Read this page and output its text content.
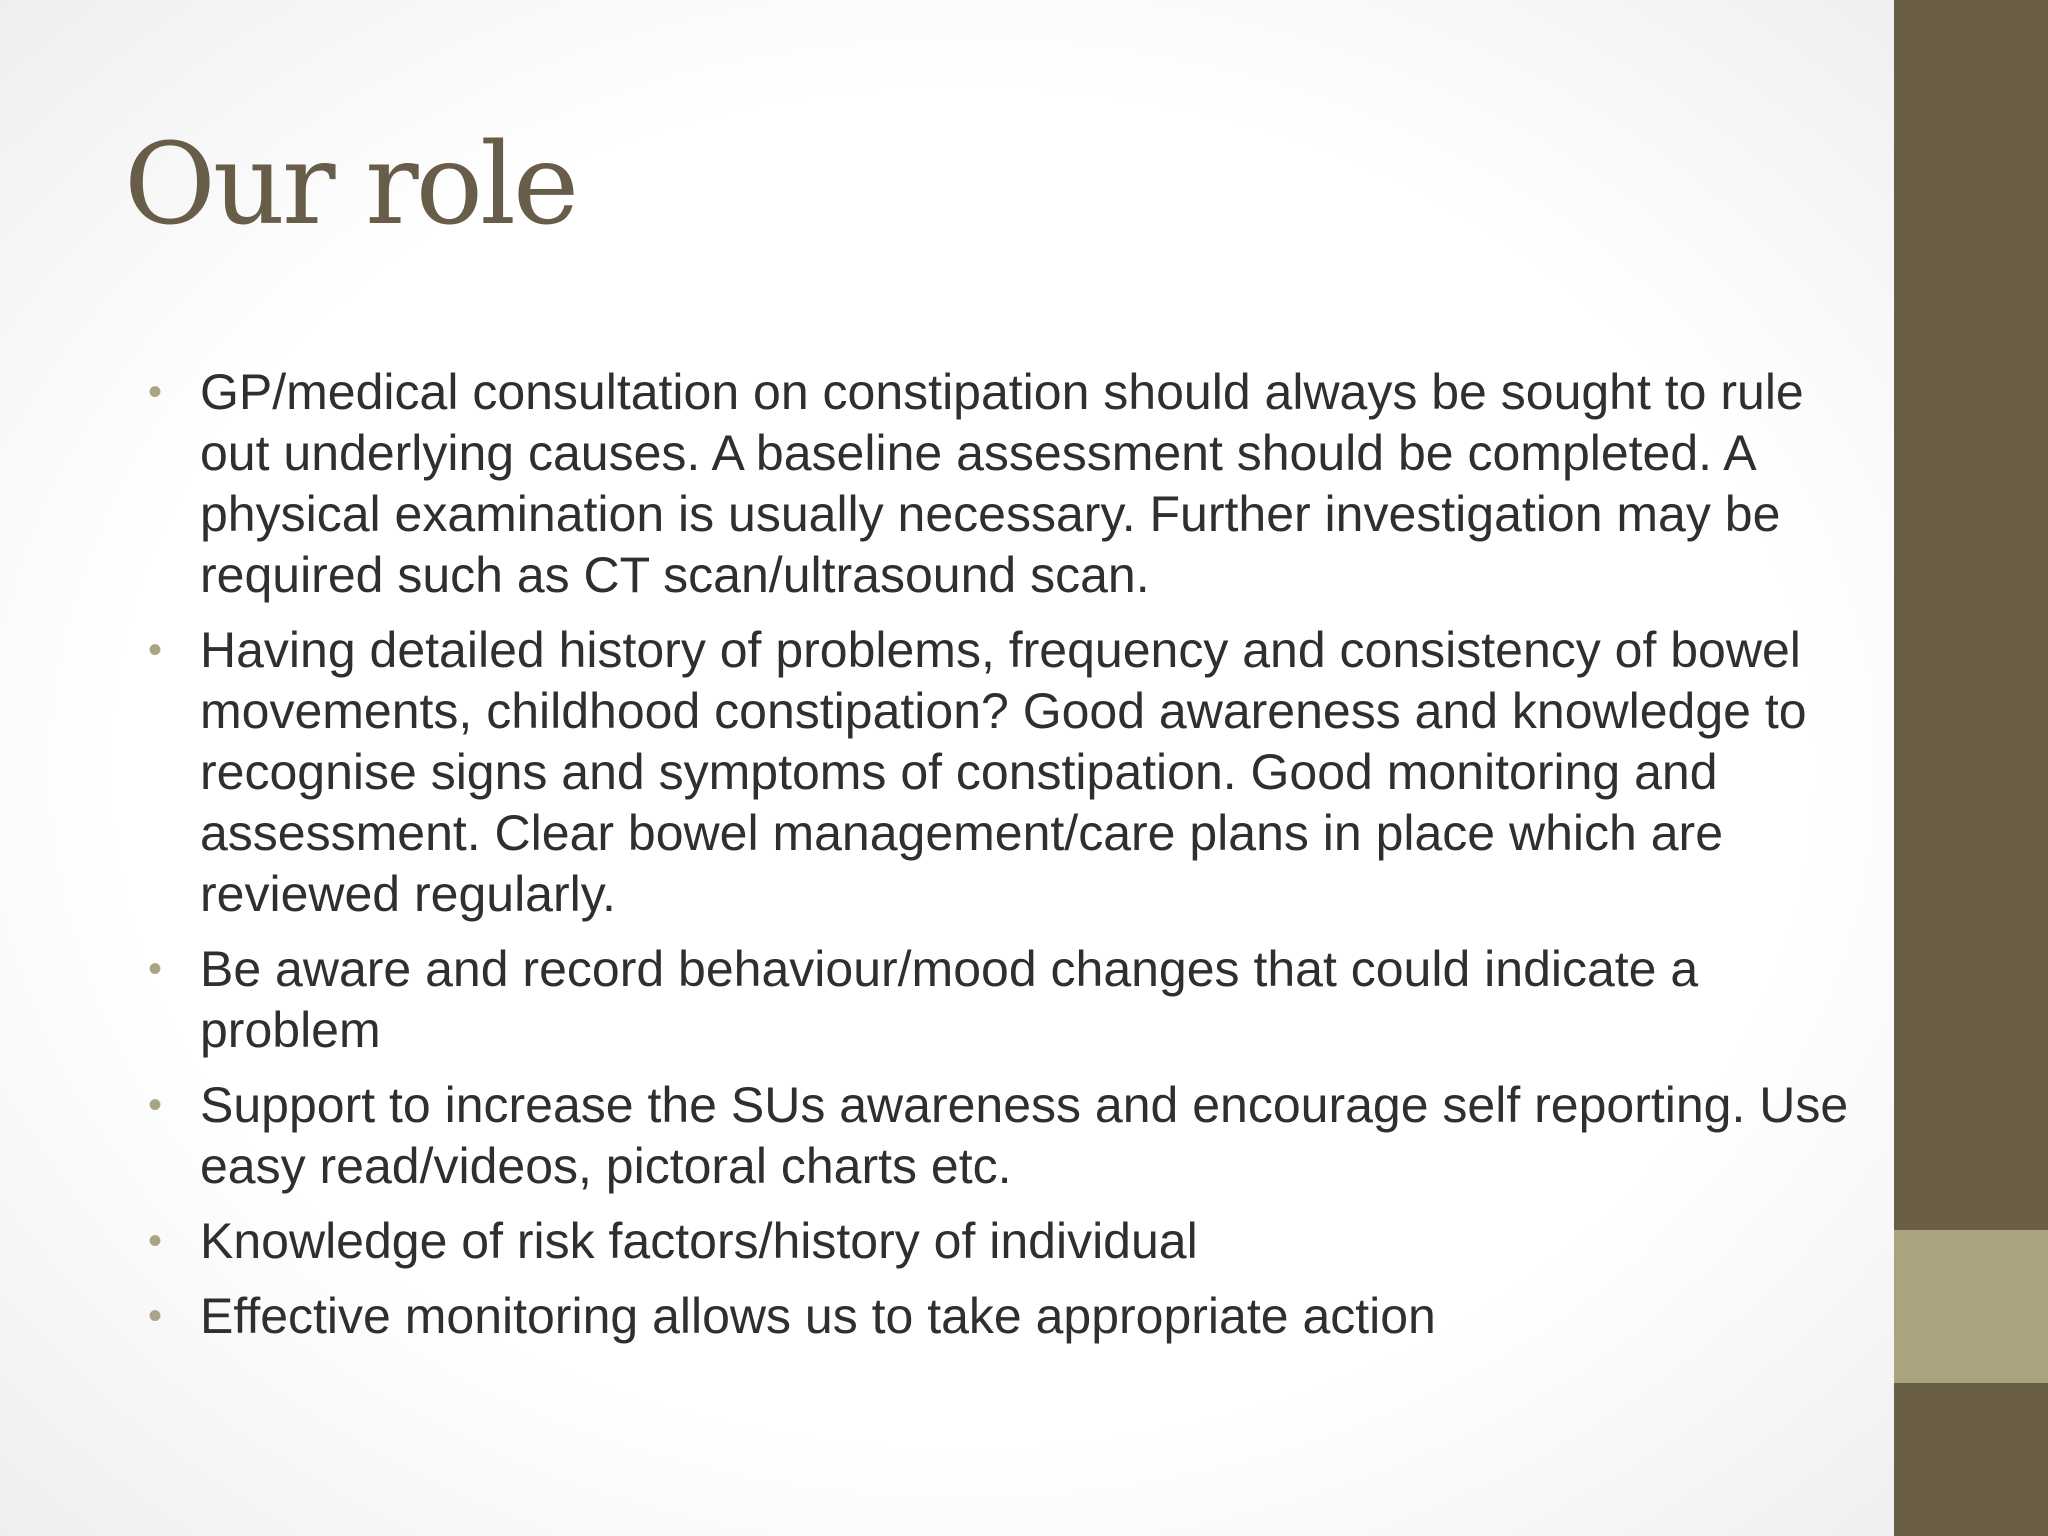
Our role
• GP/medical consultation on constipation should always be sought to rule out underlying causes. A baseline assessment should be completed. A physical examination is usually necessary. Further investigation may be required such as CT scan/ultrasound scan.
• Having detailed history of problems, frequency and consistency of bowel movements, childhood constipation? Good awareness and knowledge to recognise signs and symptoms of constipation. Good monitoring and assessment. Clear bowel management/care plans in place which are reviewed regularly.
• Be aware and record behaviour/mood changes that could indicate a problem
• Support to increase the SUs awareness and encourage self reporting. Use easy read/videos, pictoral charts etc.
• Knowledge of risk factors/history of individual
• Effective monitoring allows us to take appropriate action
